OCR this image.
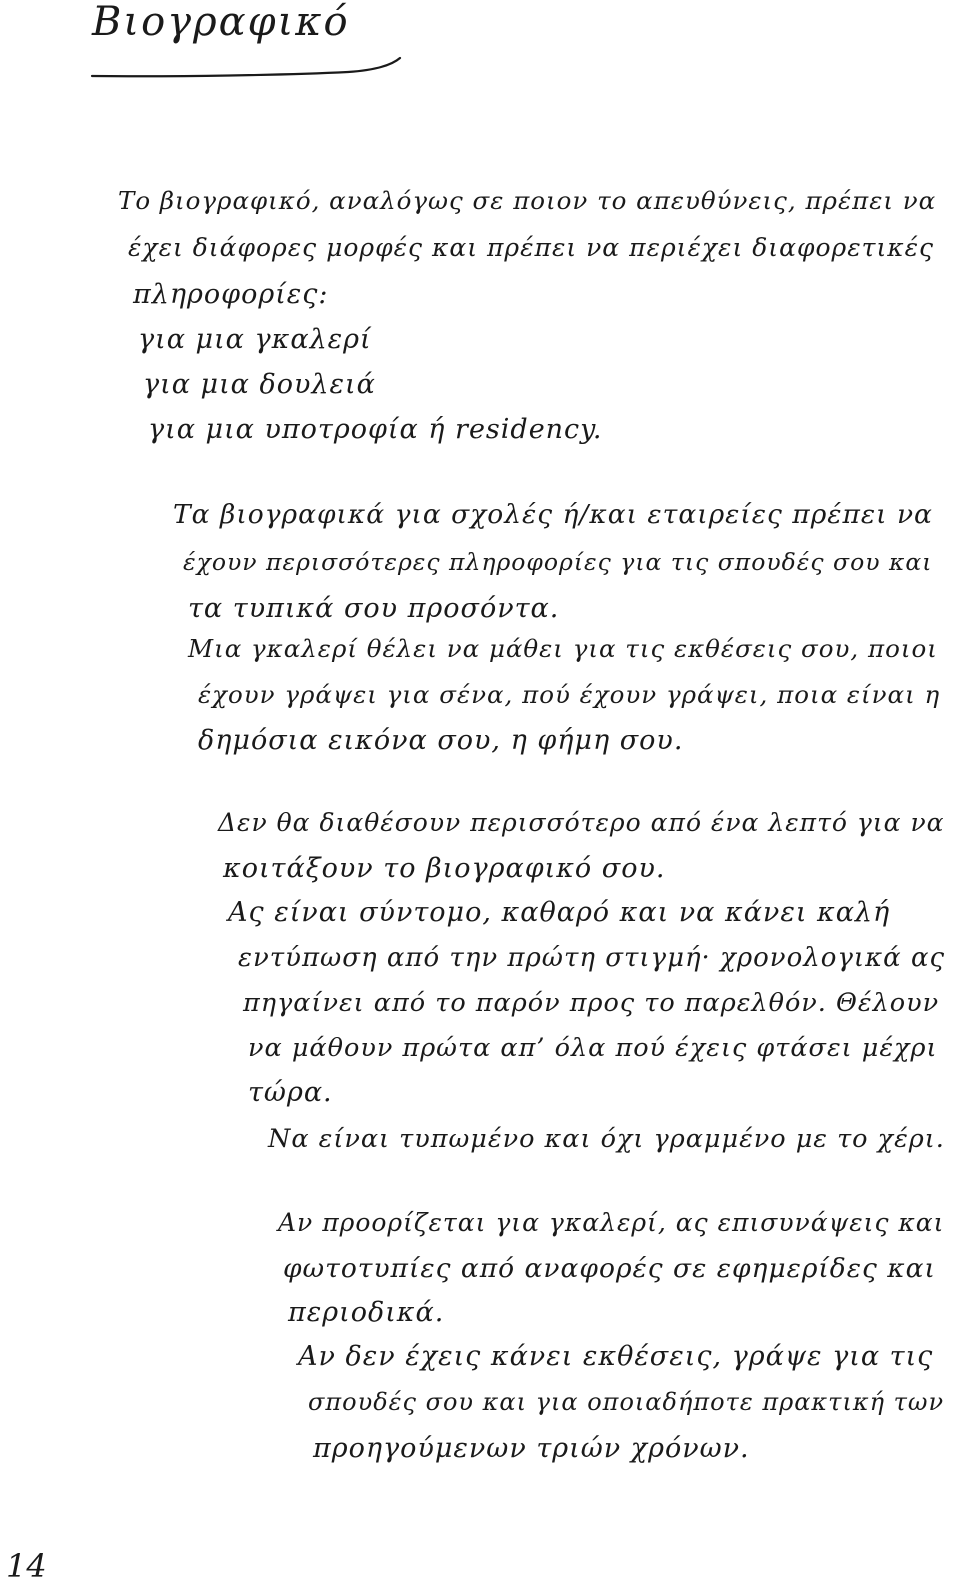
Βιογραφικό
Το βιογραφικό, αναλόγως σε ποιον το απευθύνεις, πρέπει να
έχει διάφορες μορφές και πρέπει να περιέχει διαφορετικές
πληροφορίες:
για μια γκαλερί
για μια δουλειά
για μια υποτροφία ή residency.
Τα βιογραφικά για σχολές ή/και εταιρείες πρέπει να
έχουν περισσότερες πληροφορίες για τις σπουδές σου και
τα τυπικά σου προσόντα.
Μια γκαλερί θέλει να μάθει για τις εκθέσεις σου, ποιοι
έχουν γράψει για σένα, πού έχουν γράψει, ποια είναι η
δημόσια εικόνα σου, η φήμη σου.
Δεν θα διαθέσουν περισσότερο από ένα λεπτό για να
κοιτάξουν το βιογραφικό σου.
Ας είναι σύντομο, καθαρό και να κάνει καλή
εντύπωση από την πρώτη στιγμή· χρονολογικά ας
πηγαίνει από το παρόν προς το παρελθόν. Θέλουν
να μάθουν πρώτα απ’ όλα πού έχεις φτάσει μέχρι
τώρα.
Να είναι τυπωμένο και όχι γραμμένο με το χέρι.
Αν προορίζεται για γκαλερί, ας επισυνάψεις και
φωτοτυπίες από αναφορές σε εφημερίδες και
περιοδικά.
Αν δεν έχεις κάνει εκθέσεις, γράψε για τις
σπουδές σου και για οποιαδήποτε πρακτική των
προηγούμενων τριών χρόνων.
14
